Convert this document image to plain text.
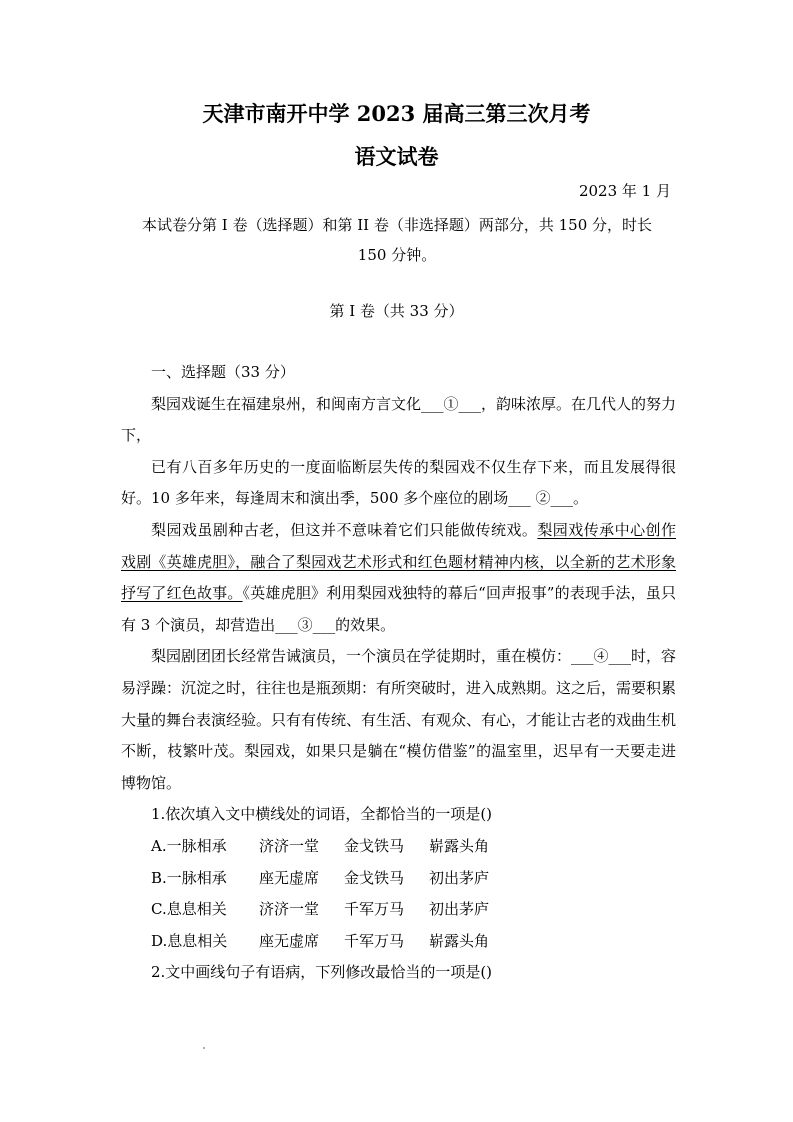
天津市南开中学 2023 届高三第三次月考
语文试卷
2023 年 1 月
本试卷分第 I 卷（选择题）和第 II 卷（非选择题）两部分，共 150 分，时长 150 分钟。
第 I 卷（共 33 分）

一、选择题（33 分）

梨园戏诞生在福建泉州，和闽南方言文化___①___，韵味浓厚。在几代人的努力下，

已有八百多年历史的一度面临断层失传的梨园戏不仅生存下来，而且发展得很好。10 多年来，每逢周末和演出季，500 多个座位的剧场___ ②___。

梨园戏虽剧种古老，但这并不意味着它们只能做传统戏。梨园戏传承中心创作戏剧《英雄虎胆》，融合了梨园戏艺术形式和红色题材精神内核，以全新的艺术形象抒写了红色故事。《英雄虎胆》利用梨园戏独特的幕后“回声报事”的表现手法，虽只有 3 个演员，却营造出___③___的效果。

梨园剧团团长经常告诫演员，一个演员在学徒期时，重在模仿：___④___时，容易浮躁：沉淀之时，往往也是瓶颈期：有所突破时，进入成熟期。这之后，需要积累大量的舞台表演经验。只有有传统、有生活、有观众、有心，才能让古老的戏曲生机不断，枝繁叶茂。梨园戏，如果只是躺在“模仿借鉴”的温室里，迟早有一天要走进博物馆。

1.依次填入文中横线处的词语，全都恰当的一项是()

A.一脉相承	济济一堂	金戈铁马	崭露头角
B.一脉相承	座无虚席	金戈铁马	初出茅庐
C.息息相关	济济一堂	千军万马	初出茅庐
D.息息相关	座无虚席	千军万马	崭露头角

2.文中画线句子有语病，下列修改最恰当的一项是()
